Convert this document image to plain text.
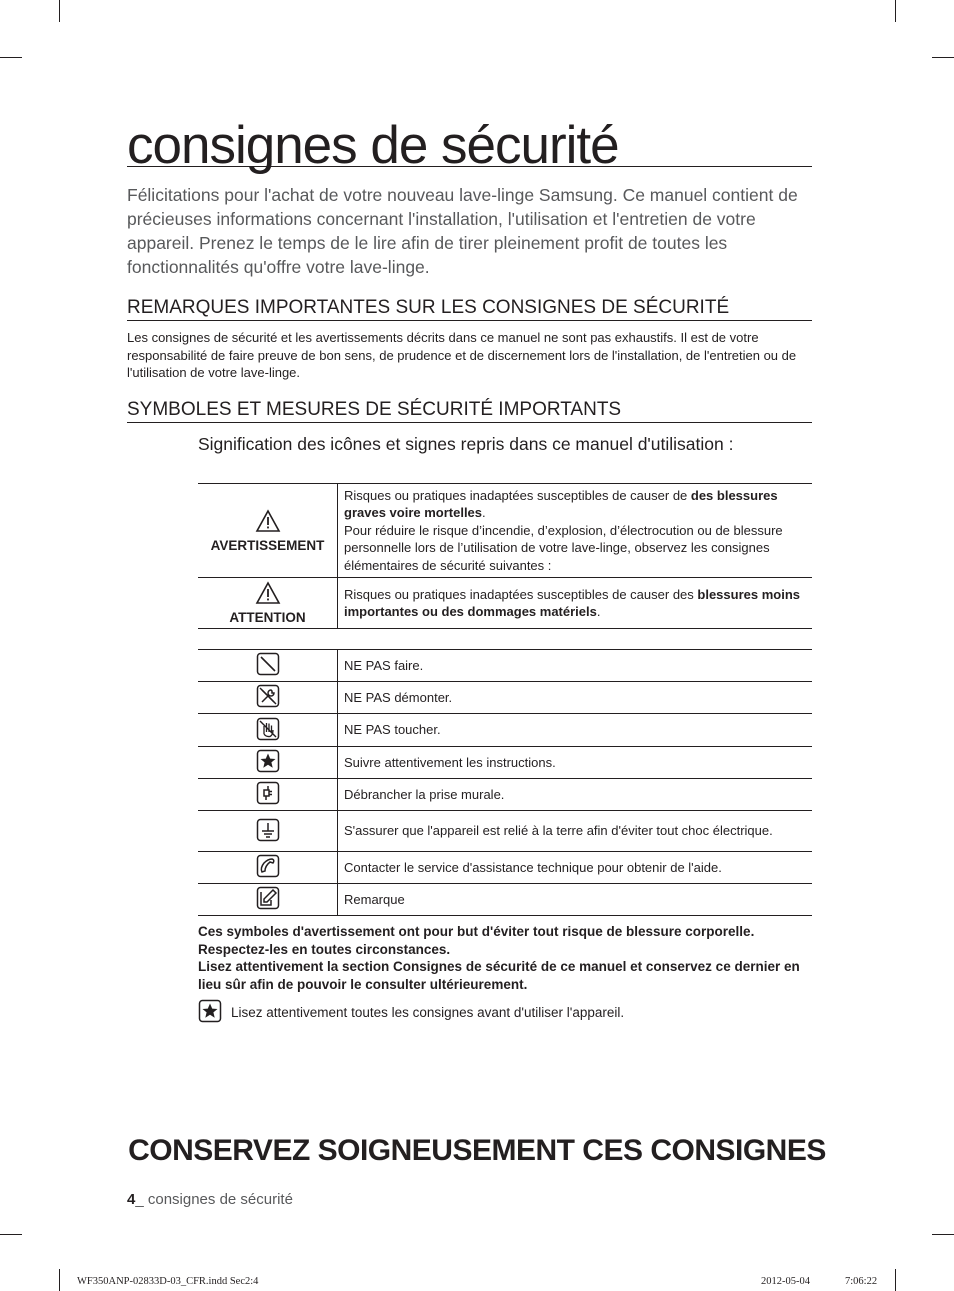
consignes de sécurité
Félicitations pour l'achat de votre nouveau lave-linge Samsung. Ce manuel contient de précieuses informations concernant l'installation, l'utilisation et l'entretien de votre appareil. Prenez le temps de le lire afin de tirer pleinement profit de toutes les fonctionnalités qu'offre votre lave-linge.
REMARQUES IMPORTANTES SUR LES CONSIGNES DE SÉCURITÉ
Les consignes de sécurité et les avertissements décrits dans ce manuel ne sont pas exhaustifs. Il est de votre responsabilité de faire preuve de bon sens, de prudence et de discernement lors de l'installation, de l'entretien ou de l'utilisation de votre lave-linge.
SYMBOLES ET MESURES DE SÉCURITÉ IMPORTANTS
Signification des icônes et signes repris dans ce manuel d'utilisation :
AVERTISSEMENT	Risques ou pratiques inadaptées susceptibles de causer de des blessures graves voire mortelles.
Pour réduire le risque d’incendie, d’explosion, d’électrocution ou de blessure personnelle lors de l’utilisation de votre lave-linge, observez les consignes élémentaires de sécurité suivantes :

ATTENTION	Risques ou pratiques inadaptées susceptibles de causer des blessures moins importantes ou des dommages matériels.
	NE PAS faire.
	NE PAS démonter.
	NE PAS toucher.
	Suivre attentivement les instructions.
	Débrancher la prise murale.
	S'assurer que l'appareil est relié à la terre afin d'éviter tout choc électrique.
	Contacter le service d'assistance technique pour obtenir de l'aide.
	Remarque
Ces symboles d'avertissement ont pour but d'éviter tout risque de blessure corporelle. Respectez-les en toutes circonstances.
Lisez attentivement la section Consignes de sécurité de ce manuel et conservez ce dernier en lieu sûr afin de pouvoir le consulter ultérieurement.
Lisez attentivement toutes les consignes avant d'utiliser l'appareil.
CONSERVEZ SOIGNEUSEMENT CES CONSIGNES
4_ consignes de sécurité
WF350ANP-02833D-03_CFR.indd Sec2:4	2012-05-04	7:06:22
